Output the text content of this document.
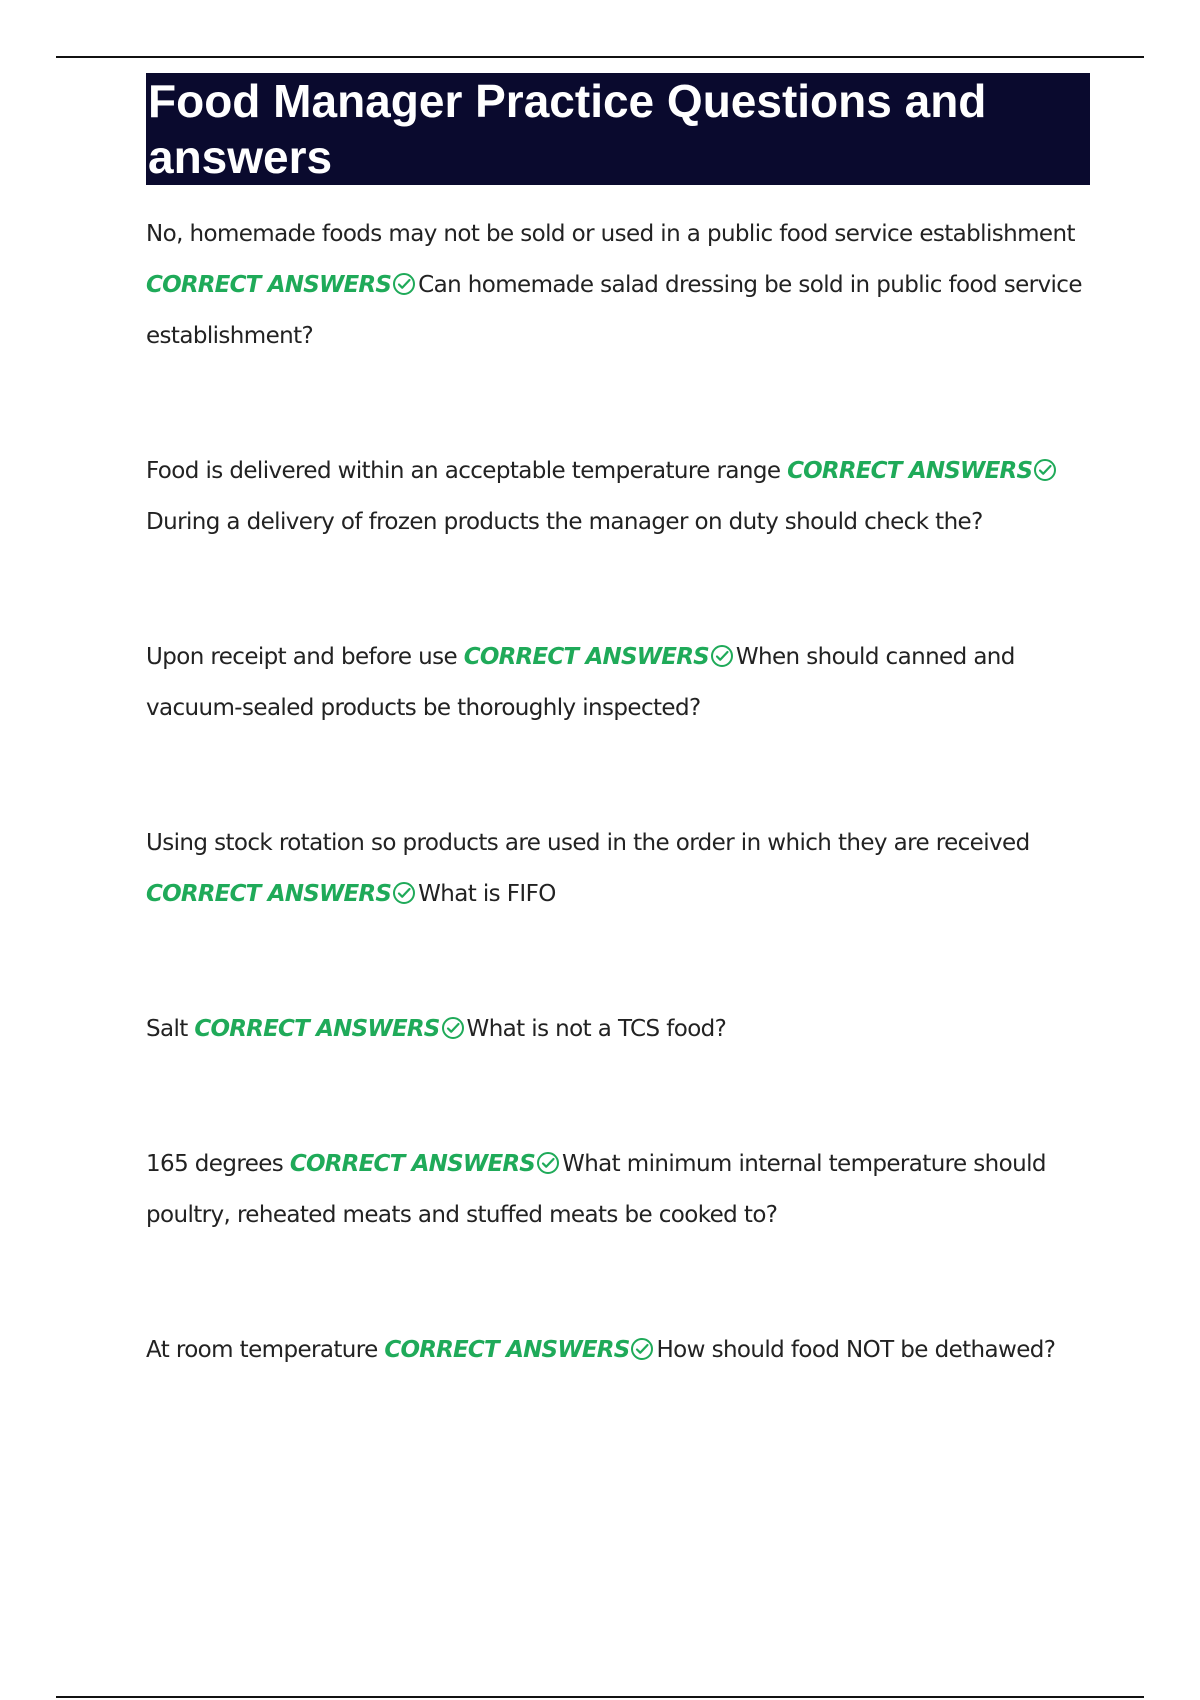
Food Manager Practice Questions and answers

No, homemade foods may not be sold or used in a public food service establishment CORRECT ANSWERS Can homemade salad dressing be sold in public food service establishment?

Food is delivered within an acceptable temperature range CORRECT ANSWERSDuring a delivery of frozen products the manager on duty should check the?

Upon receipt and before use CORRECT ANSWERS When should canned and vacuum-sealed products be thoroughly inspected?

Using stock rotation so products are used in the order in which they are received CORRECT ANSWERS What is FIFO

Salt CORRECT ANSWERS What is not a TCS food?

165 degrees CORRECT ANSWERS What minimum internal temperature should poultry, reheated meats and stuffed meats be cooked to?

At room temperature CORRECT ANSWERS How should food NOT be dethawed?
